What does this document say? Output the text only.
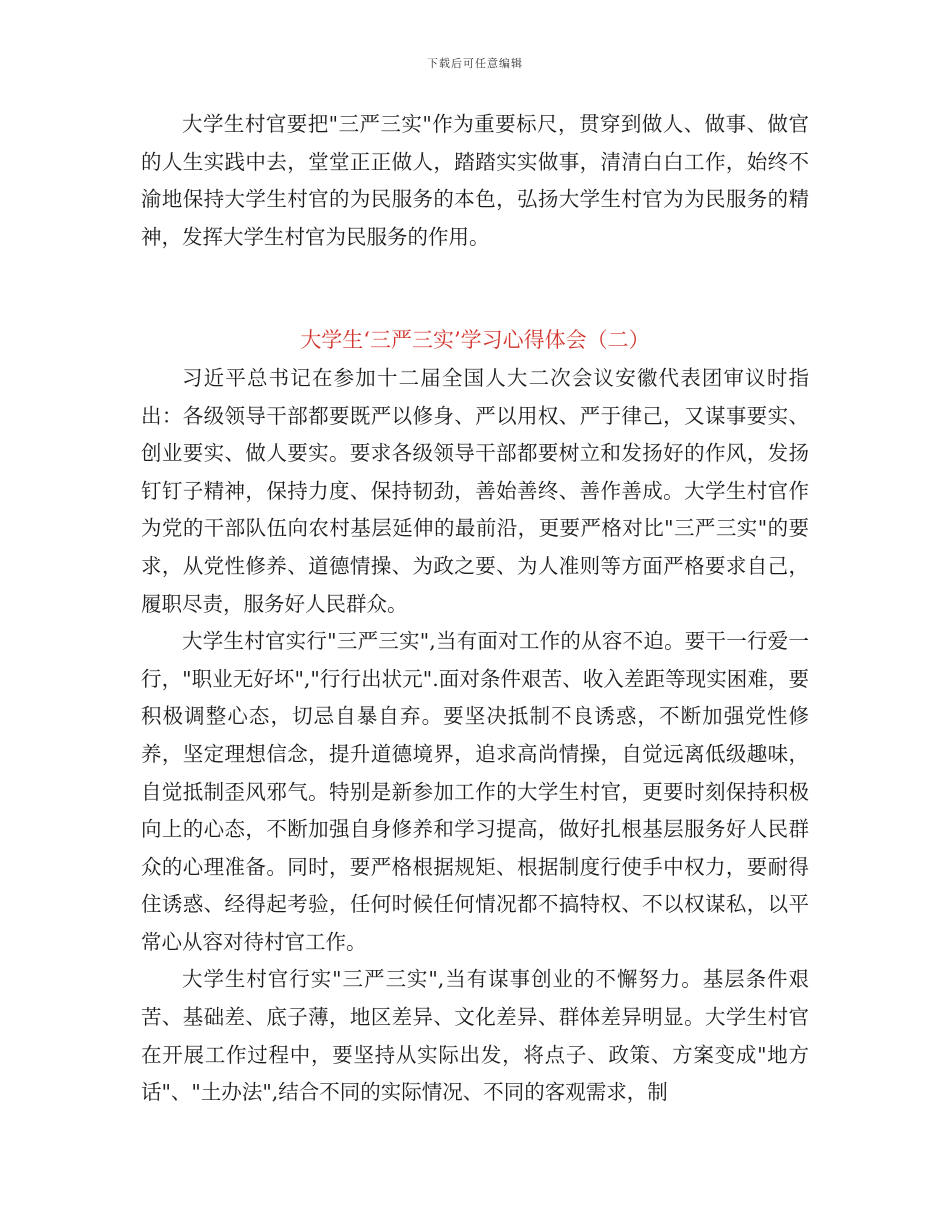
下载后可任意编辑

大学生村官要把"三严三实"作为重要标尺，贯穿到做人、做事、做官的人生实践中去，堂堂正正做人，踏踏实实做事，清清白白工作，始终不渝地保持大学生村官的为民服务的本色，弘扬大学生村官为为民服务的精神，发挥大学生村官为民服务的作用。

大学生‘三严三实’学习心得体会（二）

习近平总书记在参加十二届全国人大二次会议安徽代表团审议时指出：各级领导干部都要既严以修身、严以用权、严于律己，又谋事要实、创业要实、做人要实。要求各级领导干部都要树立和发扬好的作风，发扬钉钉子精神，保持力度、保持韧劲，善始善终、善作善成。大学生村官作为党的干部队伍向农村基层延伸的最前沿，更要严格对比"三严三实"的要求，从党性修养、道德情操、为政之要、为人准则等方面严格要求自己，履职尽责，服务好人民群众。

大学生村官实行"三严三实",当有面对工作的从容不迫。要干一行爱一行，"职业无好坏","行行出状元".面对条件艰苦、收入差距等现实困难，要积极调整心态，切忌自暴自弃。要坚决抵制不良诱惑，不断加强党性修养，坚定理想信念，提升道德境界，追求高尚情操，自觉远离低级趣味，自觉抵制歪风邪气。特别是新参加工作的大学生村官，更要时刻保持积极向上的心态，不断加强自身修养和学习提高，做好扎根基层服务好人民群众的心理准备。同时，要严格根据规矩、根据制度行使手中权力，要耐得住诱惑、经得起考验，任何时候任何情况都不搞特权、不以权谋私，以平常心从容对待村官工作。

大学生村官行实"三严三实",当有谋事创业的不懈努力。基层条件艰苦、基础差、底子薄，地区差异、文化差异、群体差异明显。大学生村官在开展工作过程中，要坚持从实际出发，将点子、政策、方案变成"地方话"、"土办法",结合不同的实际情况、不同的客观需求，制
